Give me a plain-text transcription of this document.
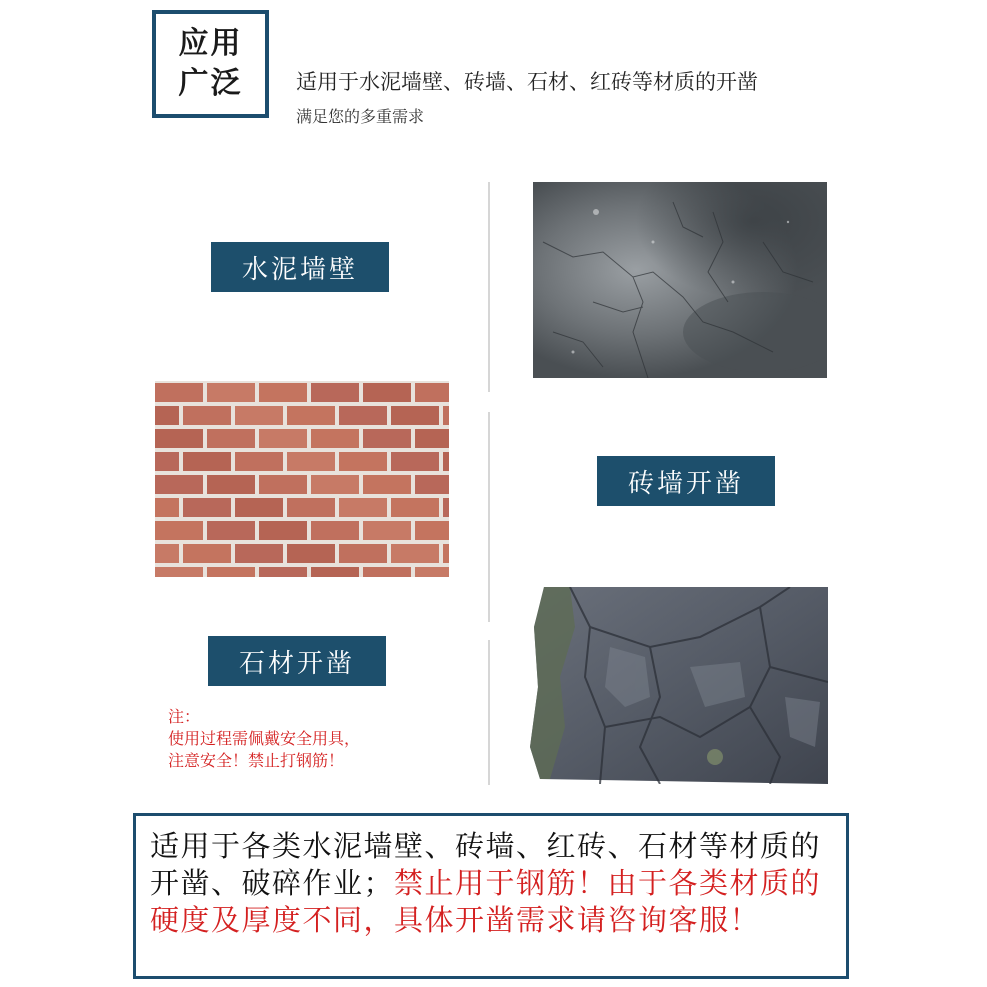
应用
广泛	适用于水泥墙壁、砖墙、石材、红砖等材质的开凿
满足您的多重需求
水泥墙壁
砖墙开凿
石材开凿
注：
使用过程需佩戴安全用具，
注意安全！禁止打钢筋！
适用于各类水泥墙壁、砖墙、红砖、石材等材质的开凿、破碎作业；禁止用于钢筋！由于各类材质的硬度及厚度不同，具体开凿需求请咨询客服！
